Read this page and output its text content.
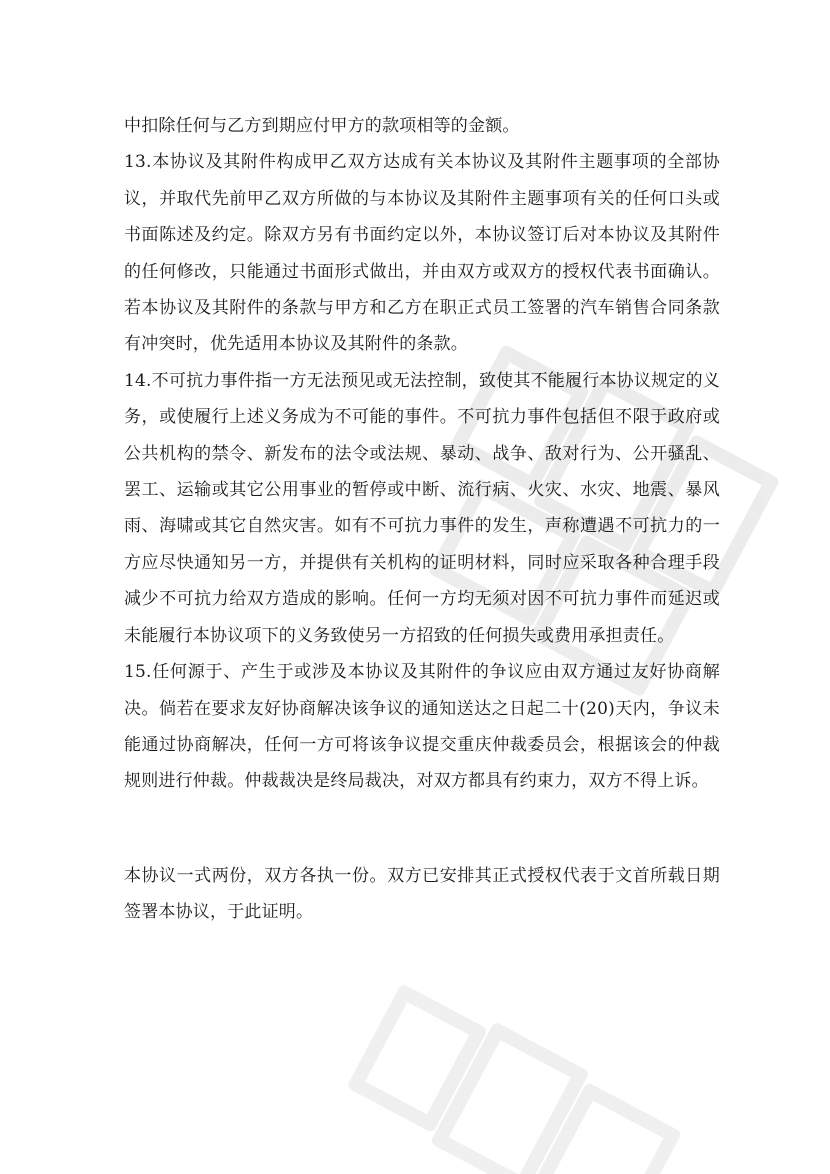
中扣除任何与乙方到期应付甲方的款项相等的金额。

13.本协议及其附件构成甲乙双方达成有关本协议及其附件主题事项的全部协议，并取代先前甲乙双方所做的与本协议及其附件主题事项有关的任何口头或书面陈述及约定。除双方另有书面约定以外，本协议签订后对本协议及其附件的任何修改，只能通过书面形式做出，并由双方或双方的授权代表书面确认。若本协议及其附件的条款与甲方和乙方在职正式员工签署的汽车销售合同条款有冲突时，优先适用本协议及其附件的条款。

14.不可抗力事件指一方无法预见或无法控制，致使其不能履行本协议规定的义务，或使履行上述义务成为不可能的事件。不可抗力事件包括但不限于政府或公共机构的禁令、新发布的法令或法规、暴动、战争、敌对行为、公开骚乱、罢工、运输或其它公用事业的暂停或中断、流行病、火灾、水灾、地震、暴风雨、海啸或其它自然灾害。如有不可抗力事件的发生，声称遭遇不可抗力的一方应尽快通知另一方，并提供有关机构的证明材料，同时应采取各种合理手段减少不可抗力给双方造成的影响。任何一方均无须对因不可抗力事件而延迟或未能履行本协议项下的义务致使另一方招致的任何损失或费用承担责任。

15.任何源于、产生于或涉及本协议及其附件的争议应由双方通过友好协商解决。倘若在要求友好协商解决该争议的通知送达之日起二十(20)天内，争议未能通过协商解决，任何一方可将该争议提交重庆仲裁委员会，根据该会的仲裁规则进行仲裁。仲裁裁决是终局裁决，对双方都具有约束力，双方不得上诉。

本协议一式两份，双方各执一份。双方已安排其正式授权代表于文首所载日期签署本协议，于此证明。
